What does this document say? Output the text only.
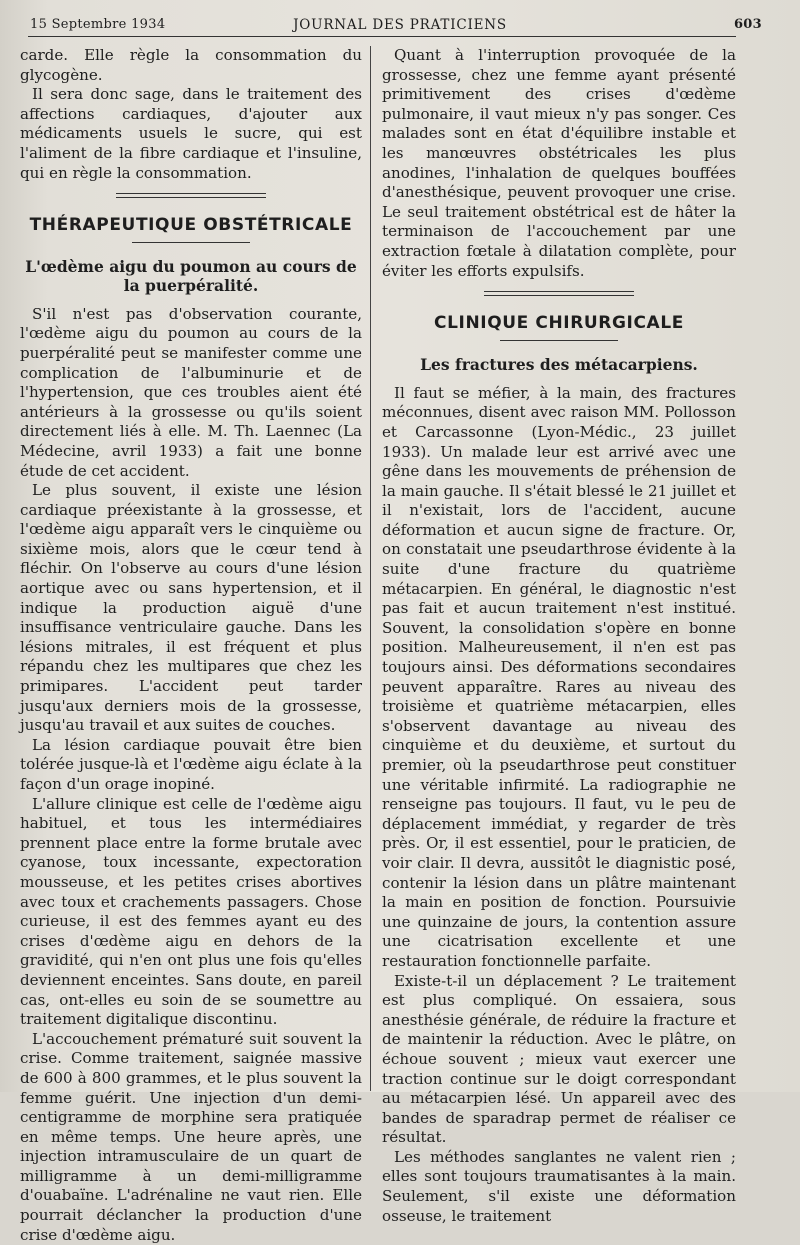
15 Septembre 1934	JOURNAL DES PRATICIENS	603

carde. Elle règle la consommation du glycogène.

Il sera donc sage, dans le traitement des affections cardiaques, d'ajouter aux médicaments usuels le sucre, qui est l'aliment de la fibre cardiaque et l'insuline, qui en règle la consommation.

THÉRAPEUTIQUE OBSTÉTRICALE
L'œdème aigu du poumon au cours de la puerpéralité.

S'il n'est pas d'observation courante, l'œdème aigu du poumon au cours de la puerpéralité peut se manifester comme une complication de l'albuminurie et de l'hypertension, que ces troubles aient été antérieurs à la grossesse ou qu'ils soient directement liés à elle. M. Th. Laennec (La Médecine, avril 1933) a fait une bonne étude de cet accident.

Le plus souvent, il existe une lésion cardiaque préexistante à la grossesse, et l'œdème aigu apparaît vers le cinquième ou sixième mois, alors que le cœur tend à fléchir. On l'observe au cours d'une lésion aortique avec ou sans hypertension, et il indique la production aiguë d'une insuffisance ventriculaire gauche. Dans les lésions mitrales, il est fréquent et plus répandu chez les multipares que chez les primipares. L'accident peut tarder jusqu'aux derniers mois de la grossesse, jusqu'au travail et aux suites de couches.

La lésion cardiaque pouvait être bien tolérée jusque-là et l'œdème aigu éclate à la façon d'un orage inopiné.

L'allure clinique est celle de l'œdème aigu habituel, et tous les intermédiaires prennent place entre la forme brutale avec cyanose, toux incessante, expectoration mousseuse, et les petites crises abortives avec toux et crachements passagers. Chose curieuse, il est des femmes ayant eu des crises d'œdème aigu en dehors de la gravidité, qui n'en ont plus une fois qu'elles deviennent enceintes. Sans doute, en pareil cas, ont-elles eu soin de se soumettre au traitement digitalique discontinu.

L'accouchement prématuré suit souvent la crise. Comme traitement, saignée massive de 600 à 800 grammes, et le plus souvent la femme guérit. Une injection d'un demi-centigramme de morphine sera pratiquée en même temps. Une heure après, une injection intramusculaire de un quart de milligramme à un demi-milligramme d'ouabaïne. L'adrénaline ne vaut rien. Elle pourrait déclancher la production d'une crise d'œdème aigu.

Quant à l'interruption provoquée de la grossesse, chez une femme ayant présenté primitivement des crises d'œdème pulmonaire, il vaut mieux n'y pas songer. Ces malades sont en état d'équilibre instable et les manœuvres obstétricales les plus anodines, l'inhalation de quelques bouffées d'anesthésique, peuvent provoquer une crise. Le seul traitement obstétrical est de hâter la terminaison de l'accouchement par une extraction fœtale à dilatation complète, pour éviter les efforts expulsifs.

CLINIQUE CHIRURGICALE
Les fractures des métacarpiens.

Il faut se méfier, à la main, des fractures méconnues, disent avec raison MM. Pollosson et Carcassonne (Lyon-Médic., 23 juillet 1933). Un malade leur est arrivé avec une gêne dans les mouvements de préhension de la main gauche. Il s'était blessé le 21 juillet et il n'existait, lors de l'accident, aucune déformation et aucun signe de fracture. Or, on constatait une pseudarthrose évidente à la suite d'une fracture du quatrième métacarpien. En général, le diagnostic n'est pas fait et aucun traitement n'est institué. Souvent, la consolidation s'opère en bonne position. Malheureusement, il n'en est pas toujours ainsi. Des déformations secondaires peuvent apparaître. Rares au niveau des troisième et quatrième métacarpien, elles s'observent davantage au niveau des cinquième et du deuxième, et surtout du premier, où la pseudarthrose peut constituer une véritable infirmité. La radiographie ne renseigne pas toujours. Il faut, vu le peu de déplacement immédiat, y regarder de très près. Or, il est essentiel, pour le praticien, de voir clair. Il devra, aussitôt le diagnistic posé, contenir la lésion dans un plâtre maintenant la main en position de fonction. Poursuivie une quinzaine de jours, la contention assure une cicatrisation excellente et une restauration fonctionnelle parfaite.

Existe-t-il un déplacement ? Le traitement est plus compliqué. On essaiera, sous anesthésie générale, de réduire la fracture et de maintenir la réduction. Avec le plâtre, on échoue souvent ; mieux vaut exercer une traction continue sur le doigt correspondant au métacarpien lésé. Un appareil avec des bandes de sparadrap permet de réaliser ce résultat.

Les méthodes sanglantes ne valent rien ; elles sont toujours traumatisantes à la main. Seulement, s'il existe une déformation osseuse, le traitement
